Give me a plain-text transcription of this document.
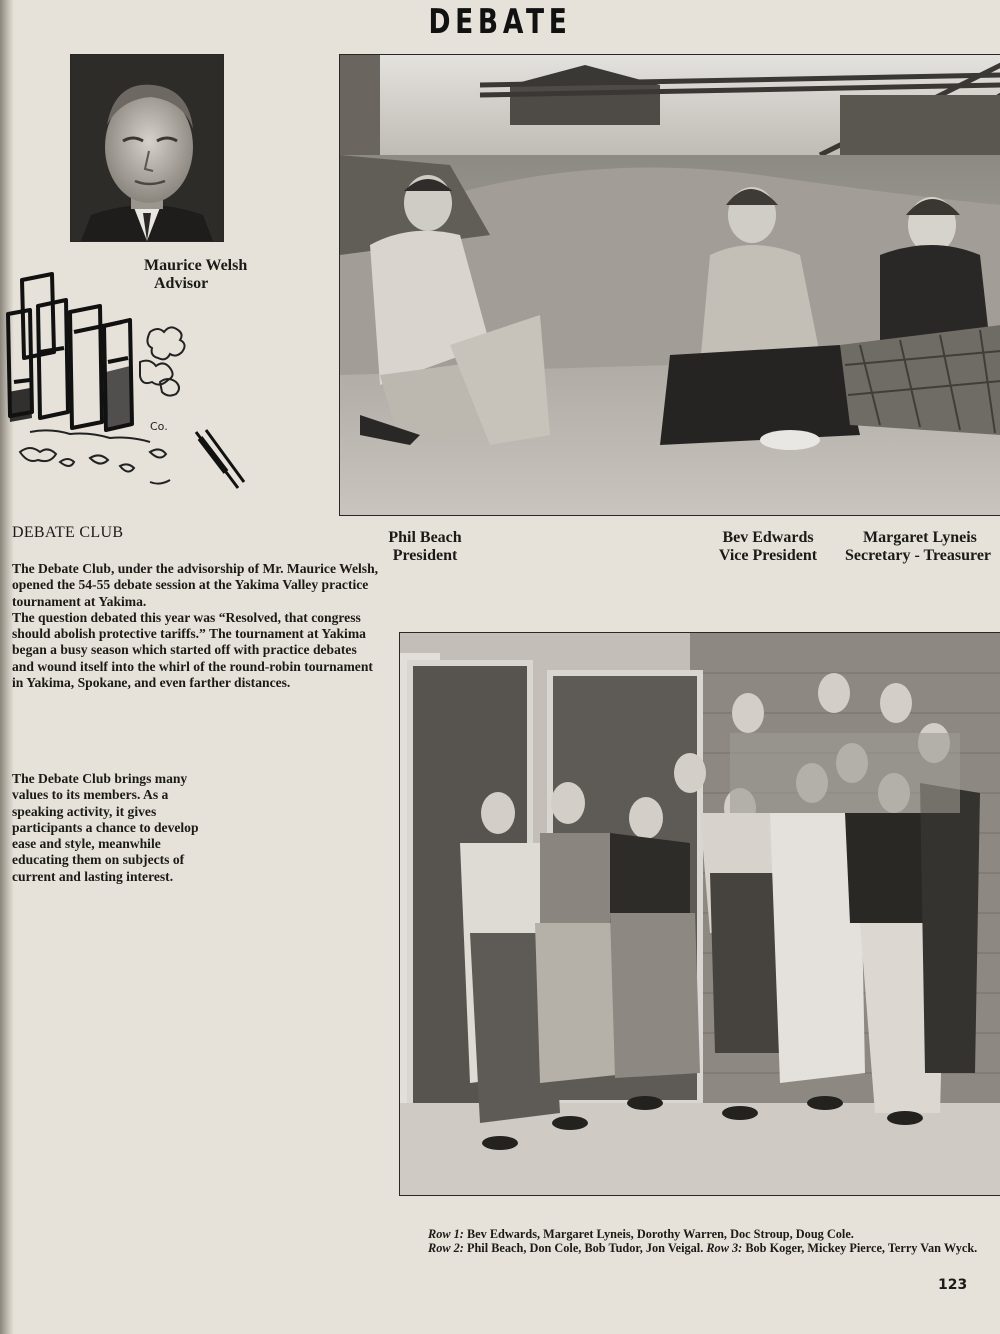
DEBATE
Maurice Welsh
Advisor
Co.
Phil Beach
President
Bev Edwards
Vice President
Margaret Lyneis
Secretary - Treasurer
DEBATE CLUB
The Debate Club, under the advisorship of Mr. Maurice Welsh, opened the 54-55 debate session at the Yakima Valley practice tournament at Yakima.
The question debated this year was “Resolved, that congress should abolish protective tariffs.” The tournament at Yakima began a busy season which started off with practice debates and wound itself into the whirl of the round-robin tournament in Yakima, Spokane, and even farther distances.
The Debate Club brings many values to its members. As a speaking activity, it gives participants a chance to develop ease and style, meanwhile educating them on subjects of current and lasting interest.
Row 1: Bev Edwards, Margaret Lyneis, Dorothy Warren, Doc Stroup, Doug Cole.
Row 2: Phil Beach, Don Cole, Bob Tudor, Jon Veigal. Row 3: Bob Koger, Mickey Pierce, Terry Van Wyck.
123
